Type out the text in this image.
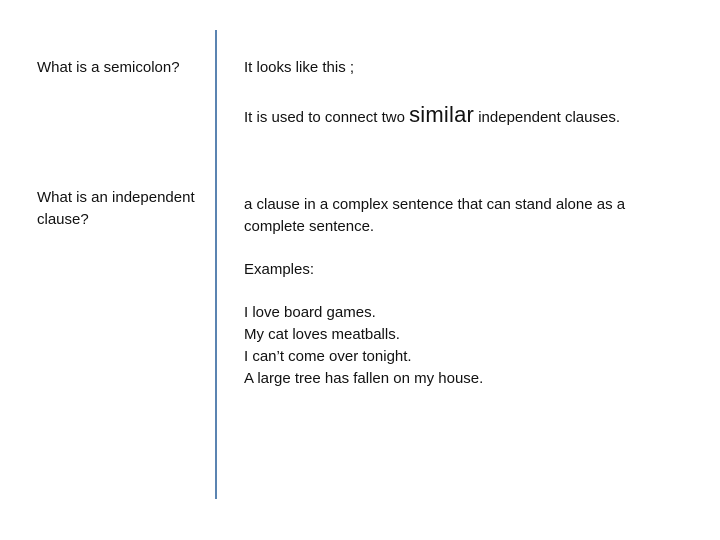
What is a semicolon?
What is an independent clause?
It looks like this ;
It is used to connect two similar independent clauses.
a clause in a complex sentence that can stand alone as a complete sentence.
Examples:
I love board games.
My cat loves meatballs.
I can’t come over tonight.
A large tree has fallen on my house.
